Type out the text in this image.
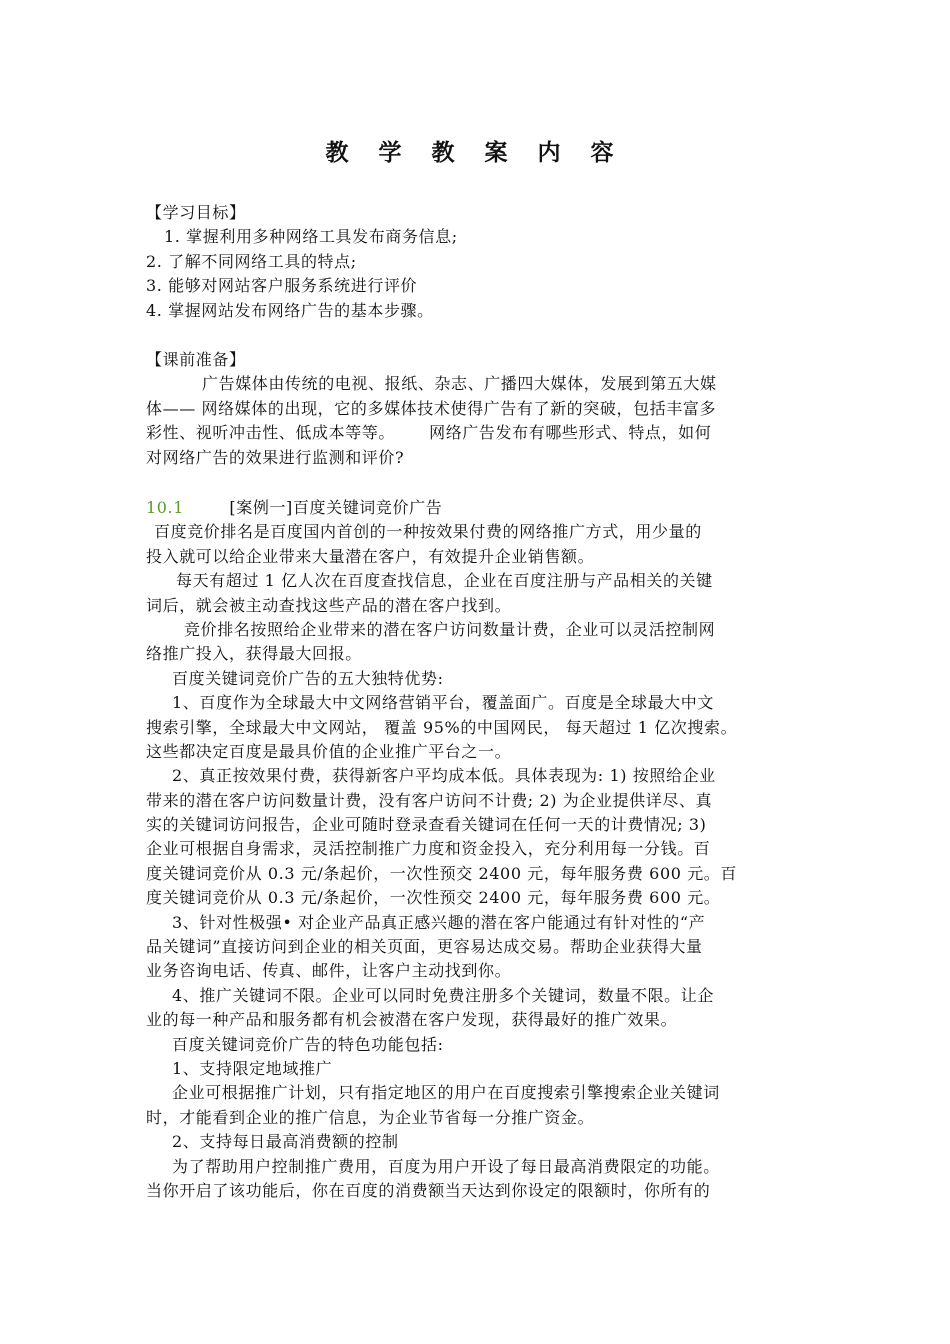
教 学 教 案 内 容
【学习目标】
1. 掌握利用多种网络工具发布商务信息;
2. 了解不同网络工具的特点;
3. 能够对网站客户服务系统进行评价
4. 掌握网站发布网络广告的基本步骤。
【课前准备】
广告媒体由传统的电视、报纸、杂志、广播四大媒体，发展到第五大媒
体—— 网络媒体的出现，它的多媒体技术使得广告有了新的突破，包括丰富多
彩性、视听冲击性、低成本等等。      网络广告发布有哪些形式、特点，如何
对网络广告的效果进行监测和评价?
10.1	[案例一]百度关键词竞价广告
百度竞价排名是百度国内首创的一种按效果付费的网络推广方式，用少量的
投入就可以给企业带来大量潜在客户，有效提升企业销售额。
每天有超过 1 亿人次在百度查找信息，企业在百度注册与产品相关的关键
词后，就会被主动查找这些产品的潜在客户找到。
竞价排名按照给企业带来的潜在客户访问数量计费，企业可以灵活控制网
络推广投入，获得最大回报。
百度关键词竞价广告的五大独特优势:
1、百度作为全球最大中文网络营销平台，覆盖面广。百度是全球最大中文
搜索引擎，全球最大中文网站， 覆盖 95%的中国网民， 每天超过 1 亿次搜索。
这些都决定百度是最具价值的企业推广平台之一。
2、真正按效果付费，获得新客户平均成本低。具体表现为: 1) 按照给企业
带来的潜在客户访问数量计费，没有客户访问不计费; 2) 为企业提供详尽、真
实的关键词访问报告，企业可随时登录查看关键词在任何一天的计费情况; 3)
企业可根据自身需求，灵活控制推广力度和资金投入，充分利用每一分钱。百
度关键词竞价从 0.3 元/条起价，一次性预交 2400 元，每年服务费 600 元。百
度关键词竞价从 0.3 元/条起价，一次性预交 2400 元，每年服务费 600 元。
3、针对性极强• 对企业产品真正感兴趣的潜在客户能通过有针对性的“产
品关键词”直接访问到企业的相关页面，更容易达成交易。帮助企业获得大量
业务咨询电话、传真、邮件，让客户主动找到你。
4、推广关键词不限。企业可以同时免费注册多个关键词，数量不限。让企
业的每一种产品和服务都有机会被潜在客户发现，获得最好的推广效果。
百度关键词竞价广告的特色功能包括:
1、支持限定地域推广
企业可根据推广计划，只有指定地区的用户在百度搜索引擎搜索企业关键词
时，才能看到企业的推广信息，为企业节省每一分推广资金。
2、支持每日最高消费额的控制
为了帮助用户控制推广费用，百度为用户开设了每日最高消费限定的功能。
当你开启了该功能后，你在百度的消费额当天达到你设定的限额时，你所有的
